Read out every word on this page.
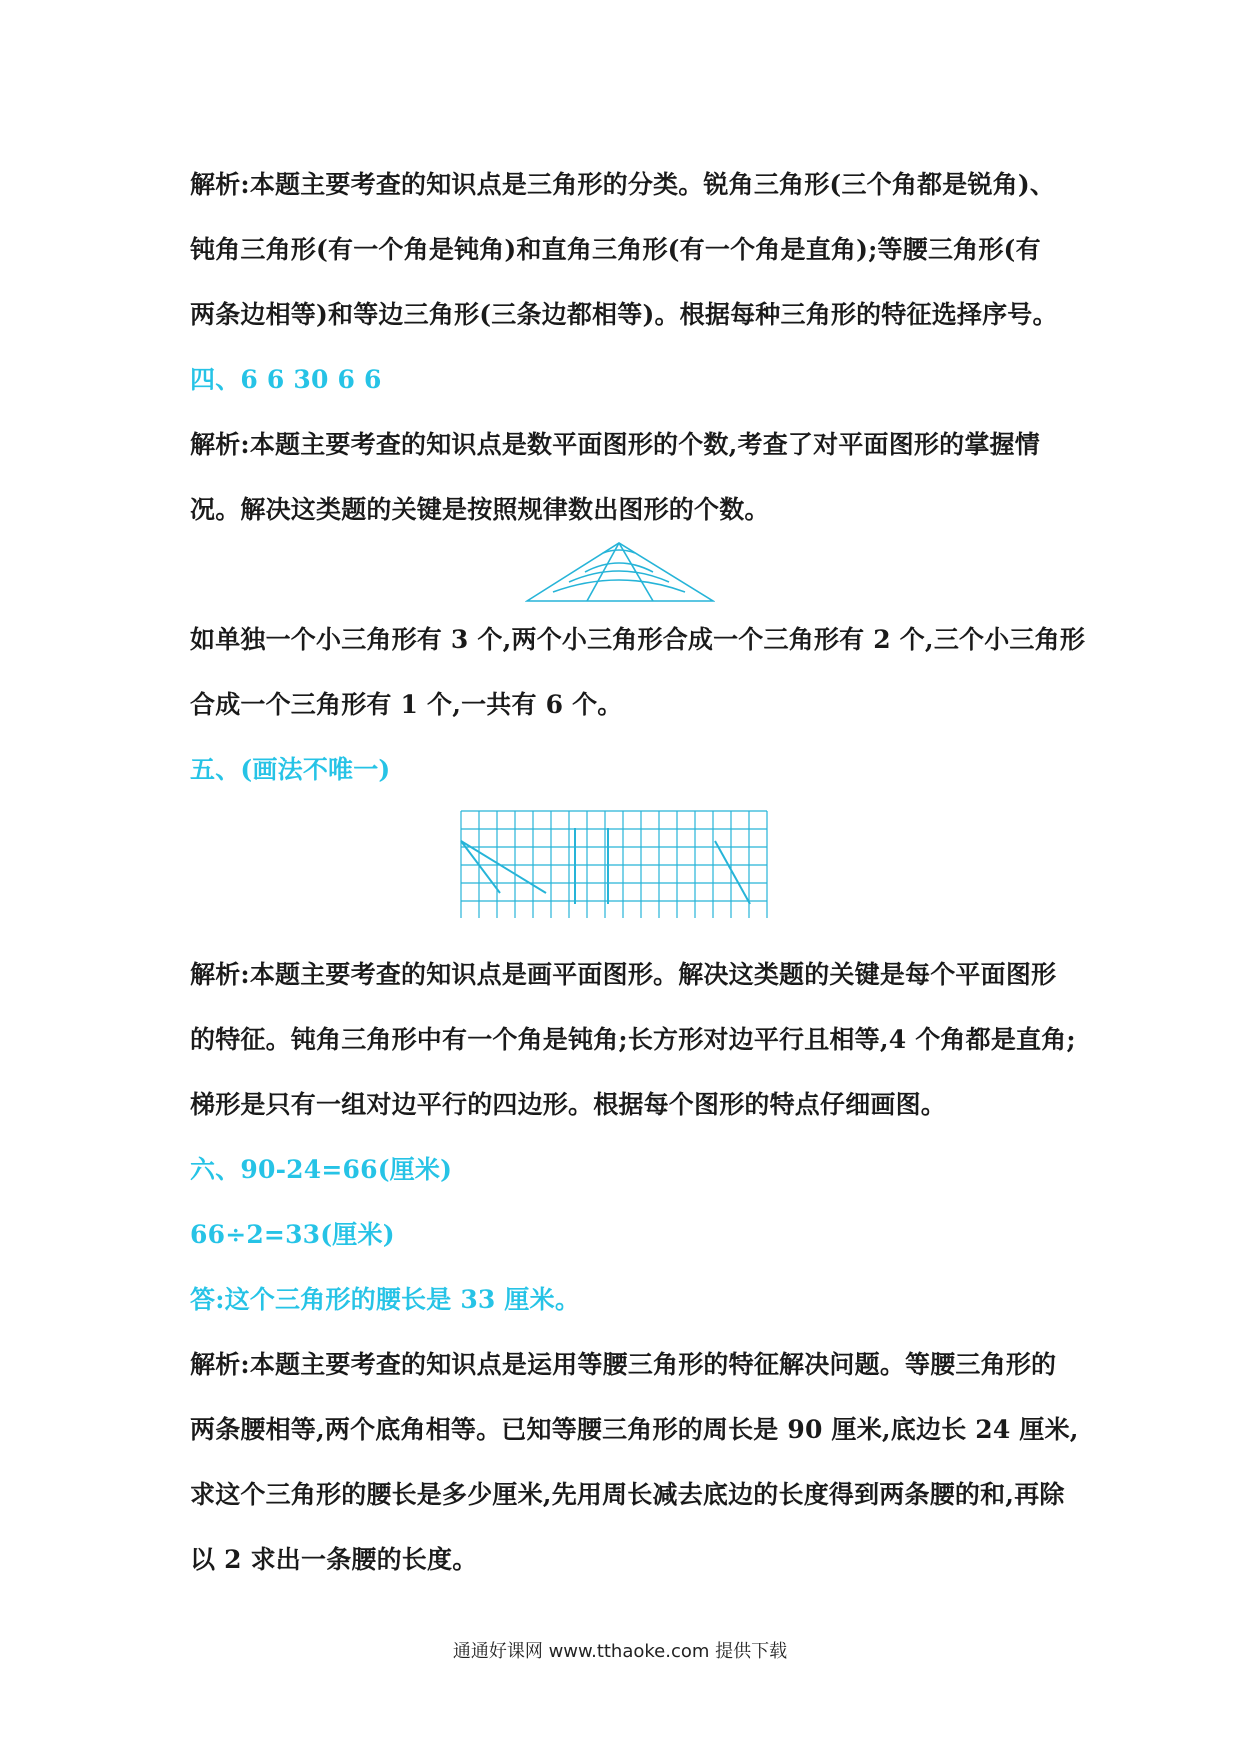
解析:本题主要考查的知识点是三角形的分类。锐角三角形(三个角都是锐角)、
钝角三角形(有一个角是钝角)和直角三角形(有一个角是直角);等腰三角形(有
两条边相等)和等边三角形(三条边都相等)。根据每种三角形的特征选择序号。
四、6 6 30 6 6
解析:本题主要考查的知识点是数平面图形的个数,考查了对平面图形的掌握情
况。解决这类题的关键是按照规律数出图形的个数。
如单独一个小三角形有 3 个,两个小三角形合成一个三角形有 2 个,三个小三角形
合成一个三角形有 1 个,一共有 6 个。
五、(画法不唯一)
解析:本题主要考查的知识点是画平面图形。解决这类题的关键是每个平面图形
的特征。钝角三角形中有一个角是钝角;长方形对边平行且相等,4 个角都是直角;
梯形是只有一组对边平行的四边形。根据每个图形的特点仔细画图。
六、90-24=66(厘米)
66÷2=33(厘米)
答:这个三角形的腰长是 33 厘米。
解析:本题主要考查的知识点是运用等腰三角形的特征解决问题。等腰三角形的
两条腰相等,两个底角相等。已知等腰三角形的周长是 90 厘米,底边长 24 厘米,
求这个三角形的腰长是多少厘米,先用周长减去底边的长度得到两条腰的和,再除
以 2 求出一条腰的长度。
通通好课网 www.tthaoke.com 提供下载
